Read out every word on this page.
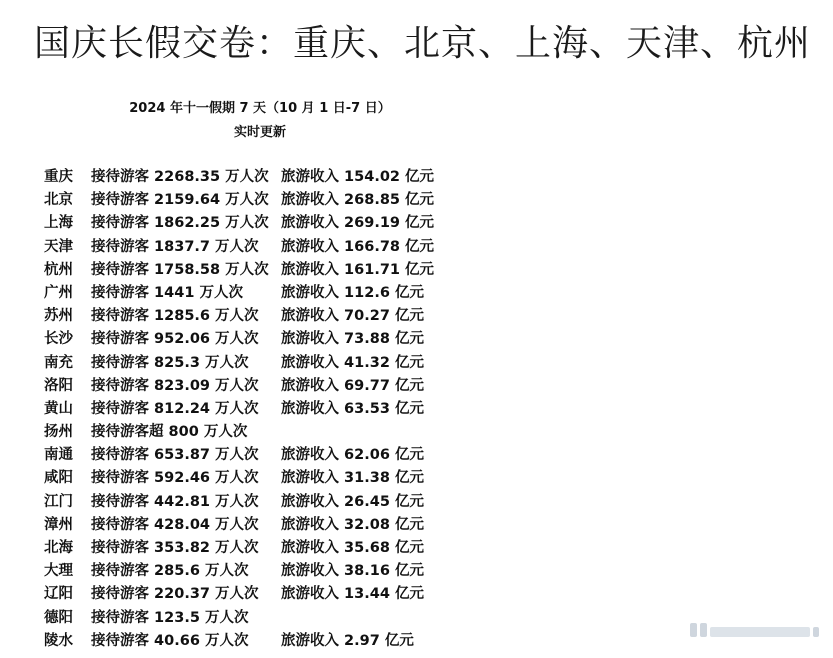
国庆长假交卷：重庆、北京、上海、天津、杭州
2024 年十一假期 7 天（10 月 1 日-7 日）
实时更新
重庆 接待游客 2268.35 万人次 旅游收入 154.02 亿元
北京 接待游客 2159.64 万人次 旅游收入 268.85 亿元
上海 接待游客 1862.25 万人次 旅游收入 269.19 亿元
天津 接待游客 1837.7 万人次 旅游收入 166.78 亿元
杭州 接待游客 1758.58 万人次 旅游收入 161.71 亿元
广州 接待游客 1441 万人次	旅游收入 112.6 亿元
苏州 接待游客 1285.6 万人次 旅游收入 70.27 亿元
长沙 接待游客 952.06 万人次 旅游收入 73.88 亿元
南充 接待游客 825.3 万人次 旅游收入 41.32 亿元
洛阳 接待游客 823.09 万人次 旅游收入 69.77 亿元
黄山 接待游客 812.24 万人次 旅游收入 63.53 亿元
扬州 接待游客超 800 万人次
南通 接待游客 653.87 万人次 旅游收入 62.06 亿元
咸阳 接待游客 592.46 万人次 旅游收入 31.38 亿元
江门 接待游客 442.81 万人次 旅游收入 26.45 亿元
漳州 接待游客 428.04 万人次 旅游收入 32.08 亿元
北海 接待游客 353.82 万人次 旅游收入 35.68 亿元
大理 接待游客 285.6 万人次 旅游收入 38.16 亿元
辽阳 接待游客 220.37 万人次 旅游收入 13.44 亿元
德阳 接待游客 123.5 万人次
陵水 接待游客 40.66 万人次 旅游收入 2.97 亿元
